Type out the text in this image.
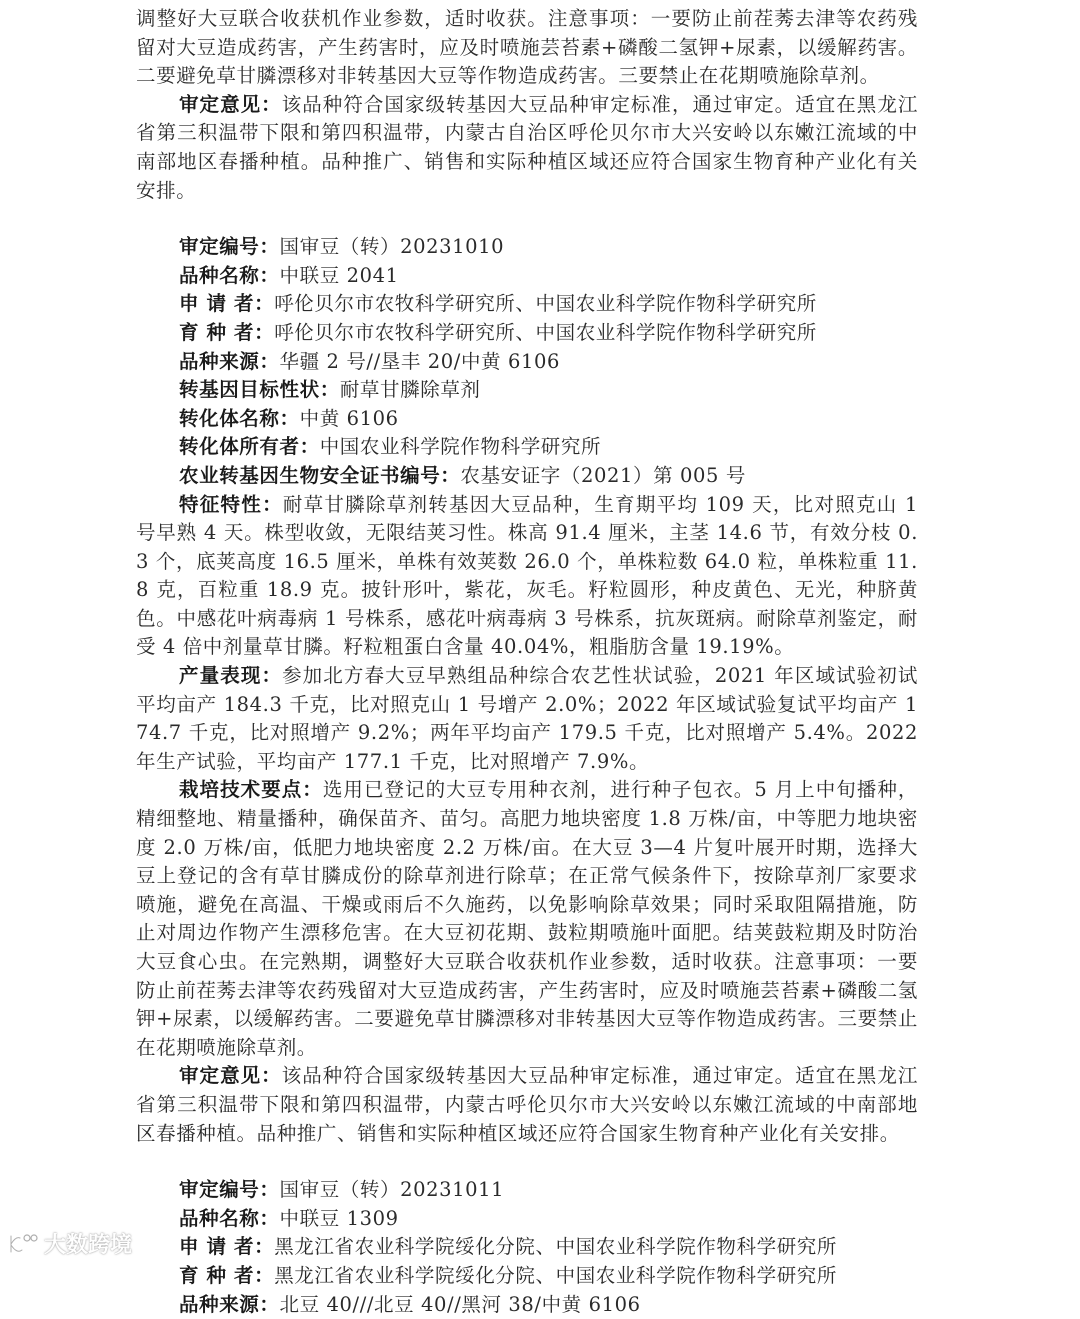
调整好大豆联合收获机作业参数，适时收获。注意事项：一要防止前茬莠去津等农药残留对大豆造成药害，产生药害时，应及时喷施芸苔素+磷酸二氢钾+尿素，以缓解药害。二要避免草甘膦漂移对非转基因大豆等作物造成药害。三要禁止在花期喷施除草剂。

审定意见：该品种符合国家级转基因大豆品种审定标准，通过审定。适宜在黑龙江省第三积温带下限和第四积温带，内蒙古自治区呼伦贝尔市大兴安岭以东嫩江流域的中南部地区春播种植。品种推广、销售和实际种植区域还应符合国家生物育种产业化有关安排。

审定编号：国审豆（转）20231010

品种名称：中联豆 2041

申 请 者：呼伦贝尔市农牧科学研究所、中国农业科学院作物科学研究所

育 种 者：呼伦贝尔市农牧科学研究所、中国农业科学院作物科学研究所

品种来源：华疆 2 号//垦丰 20/中黄 6106

转基因目标性状：耐草甘膦除草剂

转化体名称：中黄 6106

转化体所有者：中国农业科学院作物科学研究所

农业转基因生物安全证书编号：农基安证字（2021）第 005 号

特征特性：耐草甘膦除草剂转基因大豆品种，生育期平均 109 天，比对照克山 1 号早熟 4 天。株型收敛，无限结荚习性。株高 91.4 厘米，主茎 14.6 节，有效分枝 0.3 个，底荚高度 16.5 厘米，单株有效荚数 26.0 个，单株粒数 64.0 粒，单株粒重 11.8 克，百粒重 18.9 克。披针形叶，紫花，灰毛。籽粒圆形，种皮黄色、无光，种脐黄色。中感花叶病毒病 1 号株系，感花叶病毒病 3 号株系，抗灰斑病。耐除草剂鉴定，耐受 4 倍中剂量草甘膦。籽粒粗蛋白含量 40.04%，粗脂肪含量 19.19%。

产量表现：参加北方春大豆早熟组品种综合农艺性状试验，2021 年区域试验初试平均亩产 184.3 千克，比对照克山 1 号增产 2.0%；2022 年区域试验复试平均亩产 174.7 千克，比对照增产 9.2%；两年平均亩产 179.5 千克，比对照增产 5.4%。2022 年生产试验，平均亩产 177.1 千克，比对照增产 7.9%。

栽培技术要点：选用已登记的大豆专用种衣剂，进行种子包衣。5 月上中旬播种，精细整地、精量播种，确保苗齐、苗匀。高肥力地块密度 1.8 万株/亩，中等肥力地块密度 2.0 万株/亩，低肥力地块密度 2.2 万株/亩。在大豆 3—4 片复叶展开时期，选择大豆上登记的含有草甘膦成份的除草剂进行除草；在正常气候条件下，按除草剂厂家要求喷施，避免在高温、干燥或雨后不久施药，以免影响除草效果；同时采取阻隔措施，防止对周边作物产生漂移危害。在大豆初花期、鼓粒期喷施叶面肥。结荚鼓粒期及时防治大豆食心虫。在完熟期，调整好大豆联合收获机作业参数，适时收获。注意事项：一要防止前茬莠去津等农药残留对大豆造成药害，产生药害时，应及时喷施芸苔素+磷酸二氢钾+尿素，以缓解药害。二要避免草甘膦漂移对非转基因大豆等作物造成药害。三要禁止在花期喷施除草剂。

审定意见：该品种符合国家级转基因大豆品种审定标准，通过审定。适宜在黑龙江省第三积温带下限和第四积温带，内蒙古呼伦贝尔市大兴安岭以东嫩江流域的中南部地区春播种植。品种推广、销售和实际种植区域还应符合国家生物育种产业化有关安排。

审定编号：国审豆（转）20231011

品种名称：中联豆 1309

申 请 者：黑龙江省农业科学院绥化分院、中国农业科学院作物科学研究所

育 种 者：黑龙江省农业科学院绥化分院、中国农业科学院作物科学研究所

品种来源：北豆 40///北豆 40//黑河 38/中黄 6106

大数跨境
